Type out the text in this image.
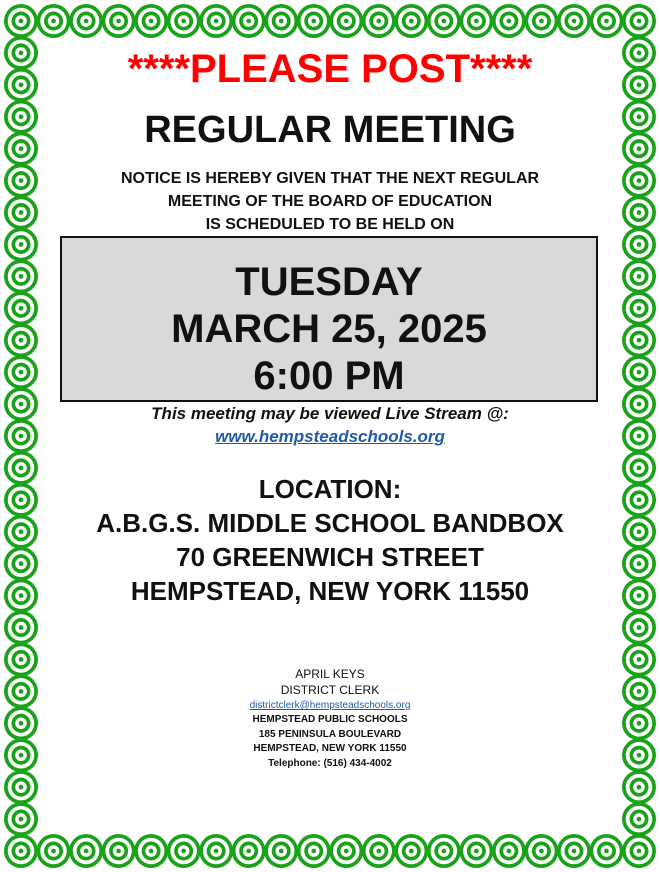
****PLEASE POST****
REGULAR MEETING
NOTICE IS HEREBY GIVEN THAT THE NEXT REGULAR
MEETING OF THE BOARD OF EDUCATION
IS SCHEDULED TO BE HELD ON
TUESDAY
MARCH 25, 2025
6:00 PM
This meeting may be viewed Live Stream @:
www.hempsteadschools.org
LOCATION:
A.B.G.S. MIDDLE SCHOOL BANDBOX
70 GREENWICH STREET
HEMPSTEAD, NEW YORK 11550
APRIL KEYS
DISTRICT CLERK
districtclerk@hempsteadschools.org
HEMPSTEAD PUBLIC SCHOOLS
185 PENINSULA BOULEVARD
HEMPSTEAD, NEW YORK 11550
Telephone: (516) 434-4002
